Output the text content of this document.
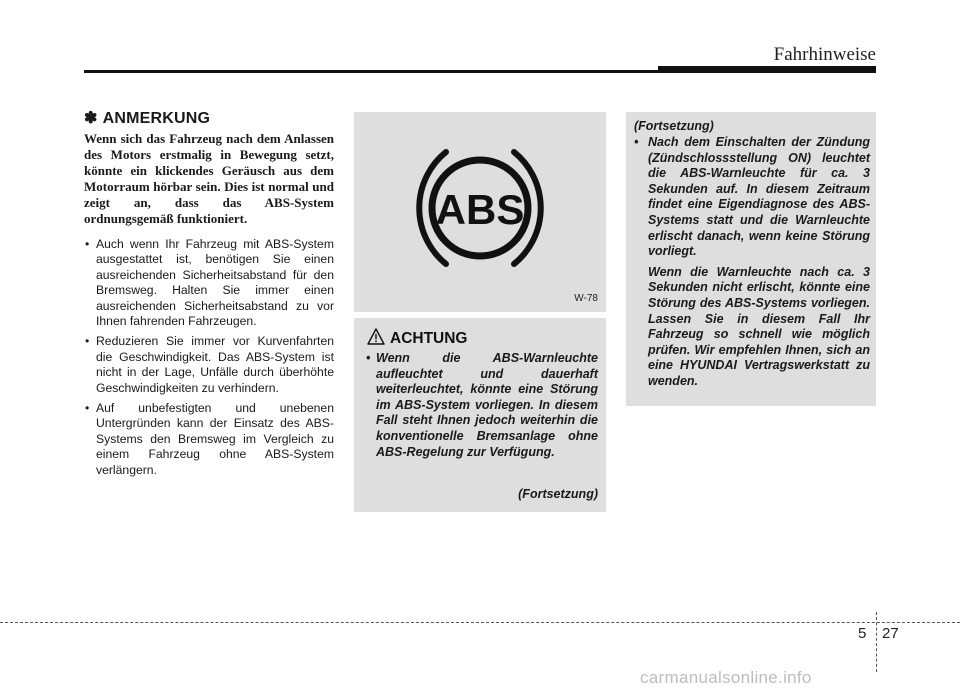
Fahrhinweise
✽ ANMERKUNG

Wenn sich das Fahrzeug nach dem Anlassen des Motors erstmalig in Bewegung setzt, könnte ein klickendes Geräusch aus dem Motorraum hörbar sein. Dies ist normal und zeigt an, dass das ABS-System ordnungsgemäß funktioniert.

• Auch wenn Ihr Fahrzeug mit ABS-System ausgestattet ist, benötigen Sie einen ausreichenden Sicherheitsabstand für den Bremsweg. Halten Sie immer einen ausreichenden Sicherheitsabstand zu vor Ihnen fahrenden Fahrzeugen.
• Reduzieren Sie immer vor Kurvenfahrten die Geschwindigkeit. Das ABS-System ist nicht in der Lage, Unfälle durch überhöhte Geschwindigkeiten zu verhindern.
• Auf unbefestigten und unebenen Untergründen kann der Einsatz des ABS-Systems den Bremsweg im Vergleich zu einem Fahrzeug ohne ABS-System verlängern.
ABS
W-78
ACHTUNG
• Wenn die ABS-Warnleuchte aufleuchtet und dauerhaft weiterleuchtet, könnte eine Störung im ABS-System vorliegen. In diesem Fall steht Ihnen jedoch weiterhin die konventionelle Bremsanlage ohne ABS-Regelung zur Verfügung.
(Fortsetzung)
(Fortsetzung)

• Nach dem Einschalten der Zündung (Zündschlossstellung ON) leuchtet die ABS-Warnleuchte für ca. 3 Sekunden auf. In diesem Zeitraum findet eine Eigendiagnose des ABS-Systems statt und die Warnleuchte erlischt danach, wenn keine Störung vorliegt.

Wenn die Warnleuchte nach ca. 3 Sekunden nicht erlischt, könnte eine Störung des ABS-Systems vorliegen. Lassen Sie in diesem Fall Ihr Fahrzeug so schnell wie möglich prüfen. Wir empfehlen Ihnen, sich an eine HYUNDAI Vertragswerkstatt zu wenden.

5 27
carmanualsonline.info
